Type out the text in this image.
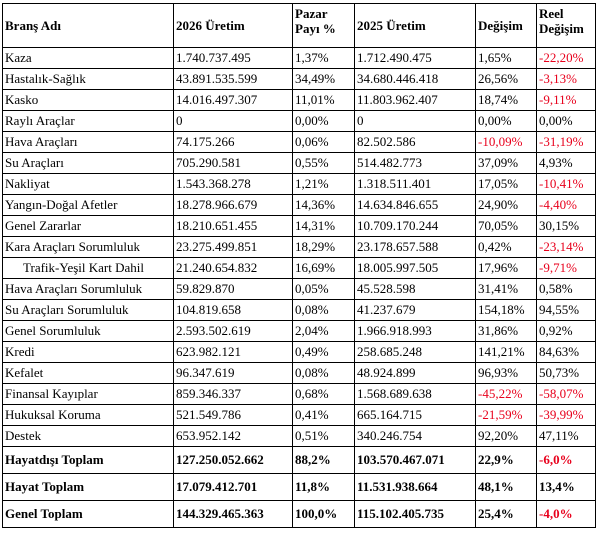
Branş Adı	2026 Üretim	Pazar Payı %	2025 Üretim	Değişim	Reel Değişim
Kaza	1.740.737.495	1,37%	1.712.490.475	1,65%	-22,20%
Hastalık-Sağlık	43.891.535.599	34,49%	34.680.446.418	26,56%	-3,13%
Kasko	14.016.497.307	11,01%	11.803.962.407	18,74%	-9,11%
Raylı Araçlar	0	0,00%	0	0,00%	0,00%
Hava Araçları	74.175.266	0,06%	82.502.586	-10,09%	-31,19%
Su Araçları	705.290.581	0,55%	514.482.773	37,09%	4,93%
Nakliyat	1.543.368.278	1,21%	1.318.511.401	17,05%	-10,41%
Yangın-Doğal Afetler	18.278.966.679	14,36%	14.634.846.655	24,90%	-4,40%
Genel Zararlar	18.210.651.455	14,31%	10.709.170.244	70,05%	30,15%
Kara Araçları Sorumluluk	23.275.499.851	18,29%	23.178.657.588	0,42%	-23,14%
Trafik-Yeşil Kart Dahil	21.240.654.832	16,69%	18.005.997.505	17,96%	-9,71%
Hava Araçları Sorumluluk	59.829.870	0,05%	45.528.598	31,41%	0,58%
Su Araçları Sorumluluk	104.819.658	0,08%	41.237.679	154,18%	94,55%
Genel Sorumluluk	2.593.502.619	2,04%	1.966.918.993	31,86%	0,92%
Kredi	623.982.121	0,49%	258.685.248	141,21%	84,63%
Kefalet	96.347.619	0,08%	48.924.899	96,93%	50,73%
Finansal Kayıplar	859.346.337	0,68%	1.568.689.638	-45,22%	-58,07%
Hukuksal Koruma	521.549.786	0,41%	665.164.715	-21,59%	-39,99%
Destek	653.952.142	0,51%	340.246.754	92,20%	47,11%
Hayatdışı Toplam	127.250.052.662	88,2%	103.570.467.071	22,9%	-6,0%
Hayat Toplam	17.079.412.701	11,8%	11.531.938.664	48,1%	13,4%
Genel Toplam	144.329.465.363	100,0%	115.102.405.735	25,4%	-4,0%
